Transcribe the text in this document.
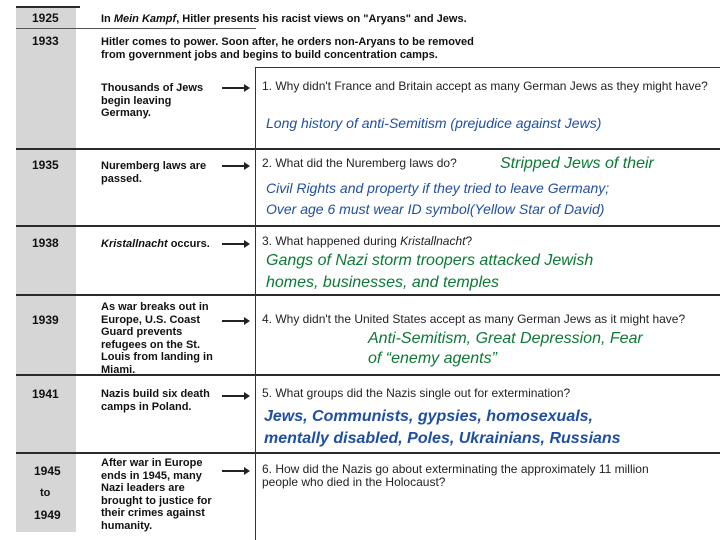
1925
1933
1935
1938
1939
1941
1945
to
1949
In Mein Kampf, Hitler presents his racist views on "Aryans" and Jews.
Hitler comes to power. Soon after, he orders non-Aryans to be removed from government jobs and begins to build concentration camps.
Thousands of Jews begin leaving Germany.
Nuremberg laws are passed.
Kristallnacht occurs.
As war breaks out in Europe, U.S. Coast Guard prevents refugees on the St. Louis from landing in Miami.
Nazis build six death camps in Poland.
After war in Europe ends in 1945, many Nazi leaders are brought to justice for their crimes against humanity.
1. Why didn't France and Britain accept as many German Jews as they might have?
2. What did the Nuremberg laws do?
3. What happened during Kristallnacht?
4. Why didn't the United States accept as many German Jews as it might have?
5. What groups did the Nazis single out for extermination?
6. How did the Nazis go about exterminating the approximately 11 million people who died in the Holocaust?
Long history of anti-Semitism (prejudice against Jews)
Stripped Jews of their
Civil Rights and property if they tried to leave Germany;
Over age 6 must wear ID symbol(Yellow Star of David)
Gangs of Nazi storm troopers attacked Jewish
homes, businesses, and temples
Anti-Semitism, Great Depression, Fear
of “enemy agents”
Jews, Communists, gypsies, homosexuals,
mentally disabled, Poles, Ukrainians, Russians
